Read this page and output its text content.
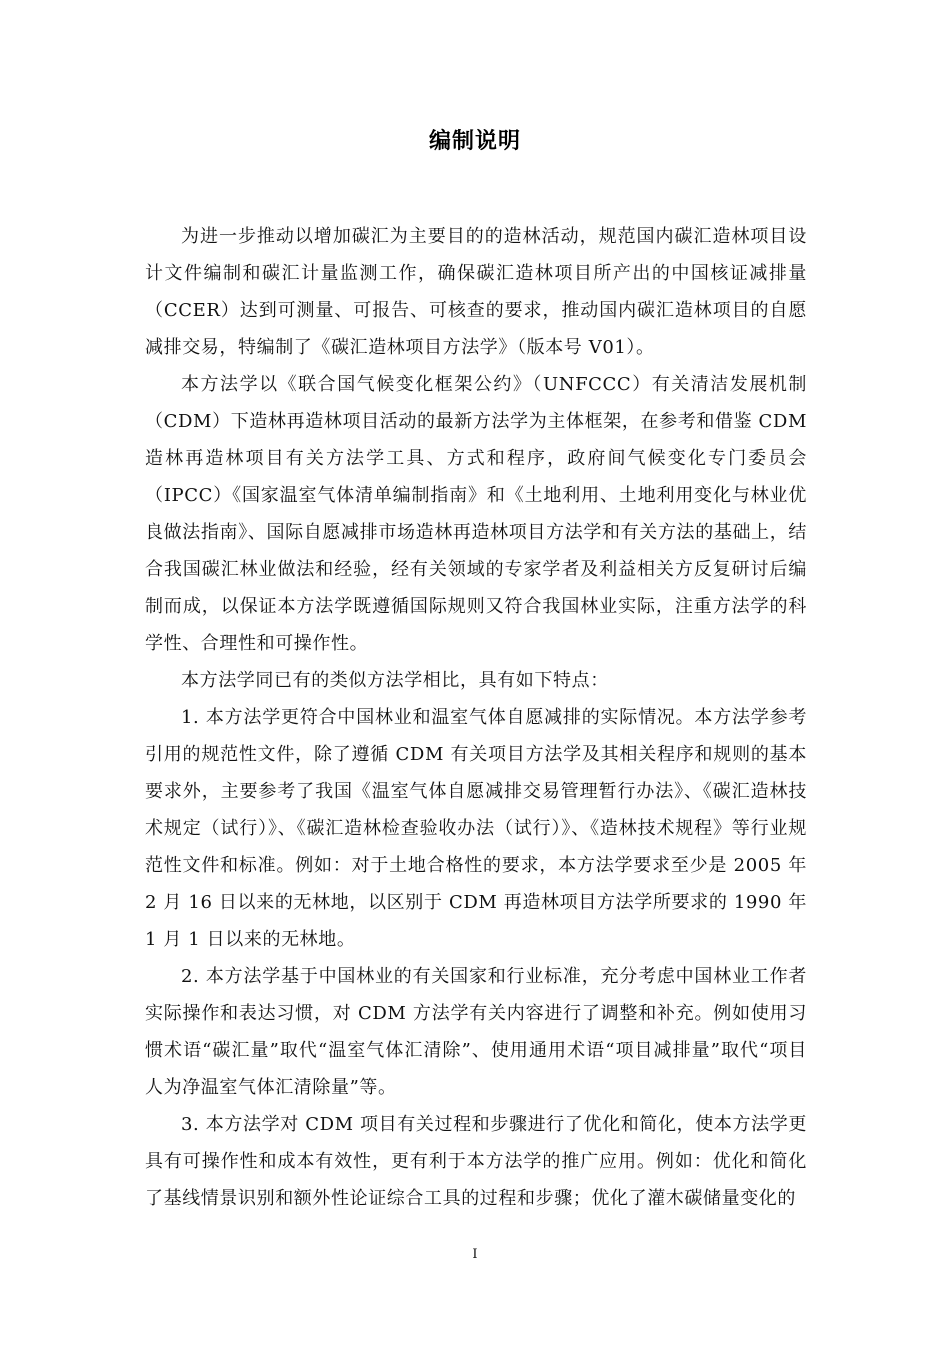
编制说明

为进一步推动以增加碳汇为主要目的的造林活动，规范国内碳汇造林项目设计文件编制和碳汇计量监测工作，确保碳汇造林项目所产出的中国核证减排量（CCER）达到可测量、可报告、可核查的要求，推动国内碳汇造林项目的自愿减排交易，特编制了《碳汇造林项目方法学》（版本号 V01）。

本方法学以《联合国气候变化框架公约》（UNFCCC）有关清洁发展机制（CDM）下造林再造林项目活动的最新方法学为主体框架，在参考和借鉴 CDM 造林再造林项目有关方法学工具、方式和程序，政府间气候变化专门委员会（IPCC）《国家温室气体清单编制指南》和《土地利用、土地利用变化与林业优良做法指南》、国际自愿减排市场造林再造林项目方法学和有关方法的基础上，结合我国碳汇林业做法和经验，经有关领域的专家学者及利益相关方反复研讨后编制而成，以保证本方法学既遵循国际规则又符合我国林业实际，注重方法学的科学性、合理性和可操作性。

本方法学同已有的类似方法学相比，具有如下特点：

1. 本方法学更符合中国林业和温室气体自愿减排的实际情况。本方法学参考引用的规范性文件，除了遵循 CDM 有关项目方法学及其相关程序和规则的基本要求外，主要参考了我国《温室气体自愿减排交易管理暂行办法》、《碳汇造林技术规定（试行）》、《碳汇造林检查验收办法（试行）》、《造林技术规程》等行业规范性文件和标准。例如：对于土地合格性的要求，本方法学要求至少是 2005 年 2 月 16 日以来的无林地，以区别于 CDM 再造林项目方法学所要求的 1990 年 1 月 1 日以来的无林地。

2. 本方法学基于中国林业的有关国家和行业标准，充分考虑中国林业工作者实际操作和表达习惯，对 CDM 方法学有关内容进行了调整和补充。例如使用习惯术语“碳汇量”取代“温室气体汇清除”、使用通用术语“项目减排量”取代“项目人为净温室气体汇清除量”等。

3. 本方法学对 CDM 项目有关过程和步骤进行了优化和简化，使本方法学更具有可操作性和成本有效性，更有利于本方法学的推广应用。例如：优化和简化了基线情景识别和额外性论证综合工具的过程和步骤；优化了灌木碳储量变化的

I
